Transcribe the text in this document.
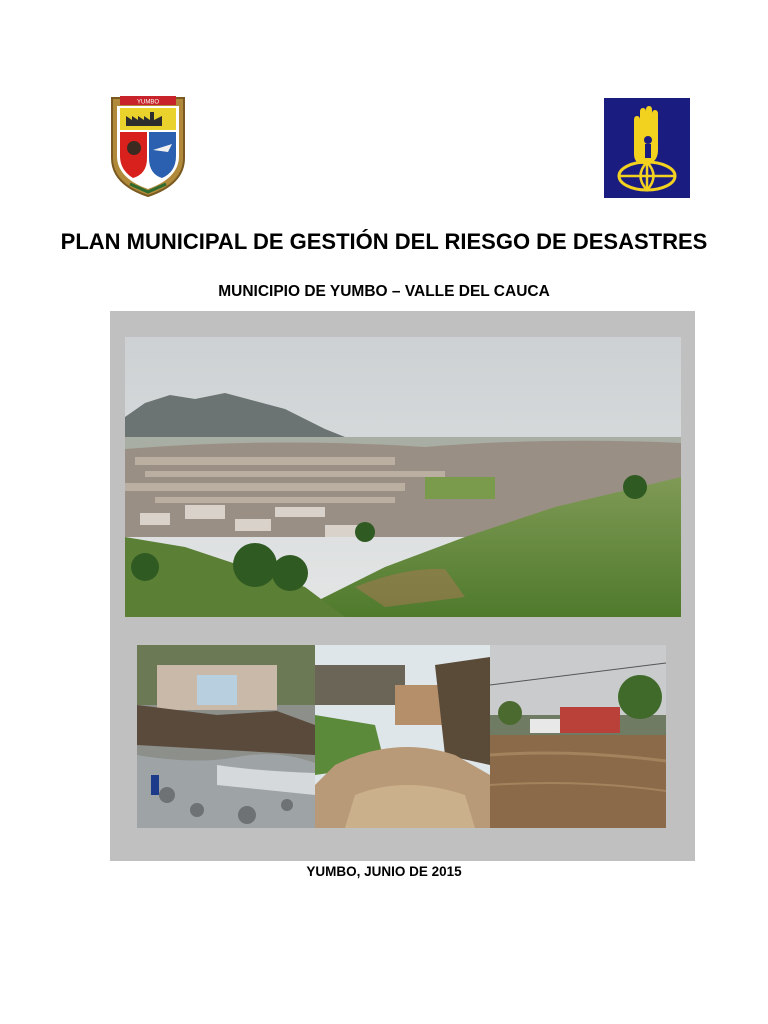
YUMBO
PLAN MUNICIPAL DE GESTIÓN DEL RIESGO DE DESASTRES
MUNICIPIO DE YUMBO – VALLE DEL CAUCA
YUMBO, JUNIO DE 2015
